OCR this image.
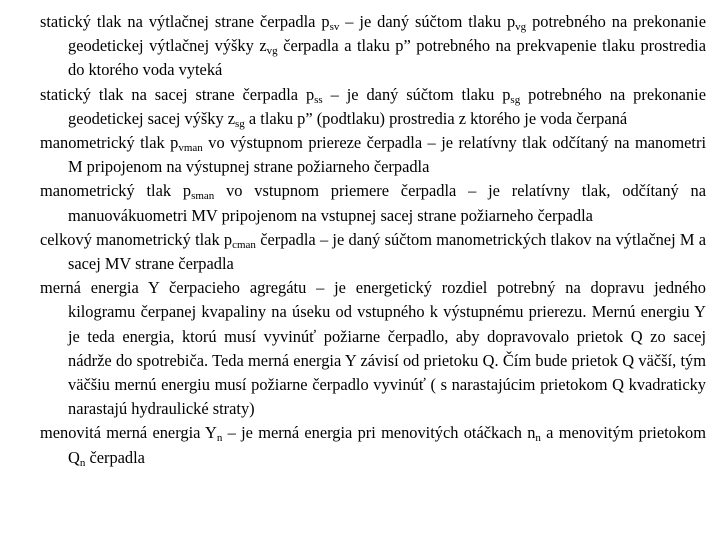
statický tlak na výtlačnej strane čerpadla $p_{sv}$ – je daný súčtom tlaku $p_{vg}$ potrebného na prekonanie geodetickej výtlačnej výšky $z_{vg}$ čerpadla a tlaku p” potrebného na prekvapenie tlaku prostredia do ktorého voda vyteká

statický tlak na sacej strane čerpadla $p_{ss}$ – je daný súčtom tlaku $p_{sg}$ potrebného na prekonanie geodetickej sacej výšky $z_{sg}$ a tlaku p” (podtlaku) prostredia z ktorého je voda čerpaná

manometrický tlak $p_{vman}$ vo výstupnom priereze čerpadla – je relatívny tlak odčítaný na manometri M pripojenom na výstupnej strane požiarneho čerpadla

manometrický tlak $p_{sman}$ vo vstupnom priemere čerpadla – je relatívny tlak, odčítaný na manuovákuometri MV pripojenom na vstupnej sacej strane požiarneho čerpadla

celkový manometrický tlak $p_{cman}$ čerpadla – je daný súčtom manometrických tlakov na výtlačnej M a sacej MV strane čerpadla

merná energia Y čerpacieho agregátu – je energetický rozdiel potrebný na dopravu jedného kilogramu čerpanej kvapaliny na úseku od vstupného k výstupnému prierezu. Mernú energiu Y je teda energia, ktorú musí vyvinúť požiarne čerpadlo, aby dopravovalo prietok Q zo sacej nádrže do spotrebiča. Teda merná energia Y závisí od prietoku Q. Čím bude prietok Q väčší, tým väčšiu mernú energiu musí požiarne čerpadlo vyvinúť ( s narastajúcim prietokom Q kvadraticky narastajú hydraulické straty)

menovitá merná energia $Y_n$ – je merná energia pri menovitých otáčkach $n_n$ a menovitým prietokom $Q_n$ čerpadla
